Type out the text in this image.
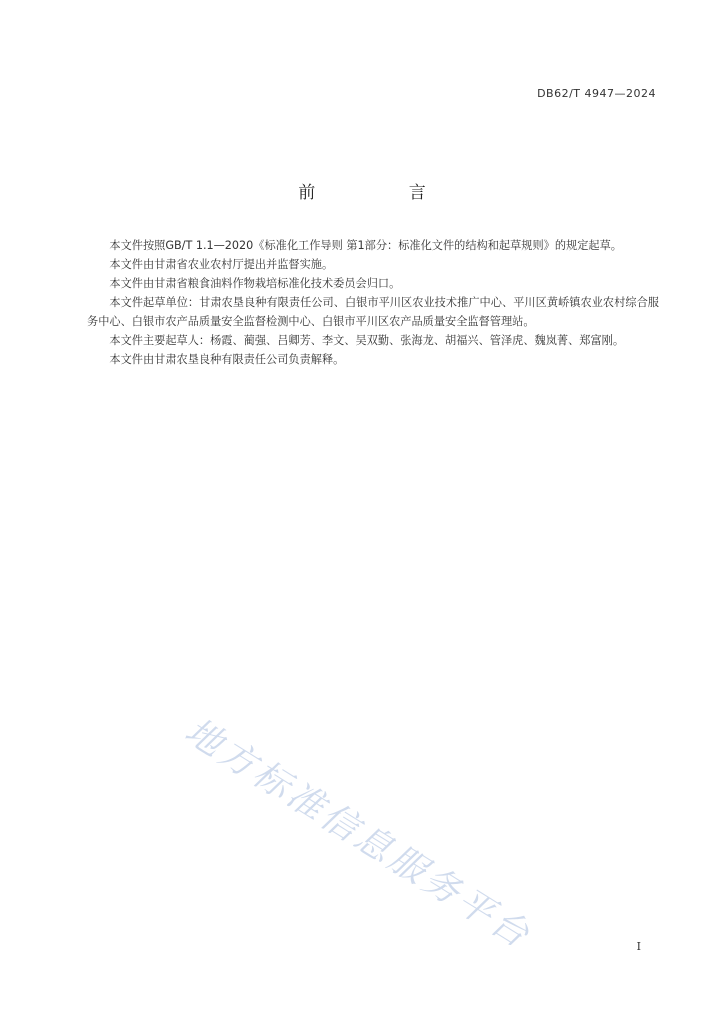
DB62/T 4947—2024
前 言

本文件按照GB/T 1.1—2020《标准化工作导则 第1部分：标准化文件的结构和起草规则》的规定起草。

本文件由甘肃省农业农村厅提出并监督实施。

本文件由甘肃省粮食油料作物栽培标准化技术委员会归口。

本文件起草单位：甘肃农垦良种有限责任公司、白银市平川区农业技术推广中心、平川区黄峤镇农业农村综合服务中心、白银市农产品质量安全监督检测中心、白银市平川区农产品质量安全监督管理站。

本文件主要起草人：杨霞、蔺强、吕卿芳、李文、吴双勤、张海龙、胡福兴、管泽虎、魏岚菁、郑富刚。

本文件由甘肃农垦良种有限责任公司负责解释。

地方标准信息服务平台	I
